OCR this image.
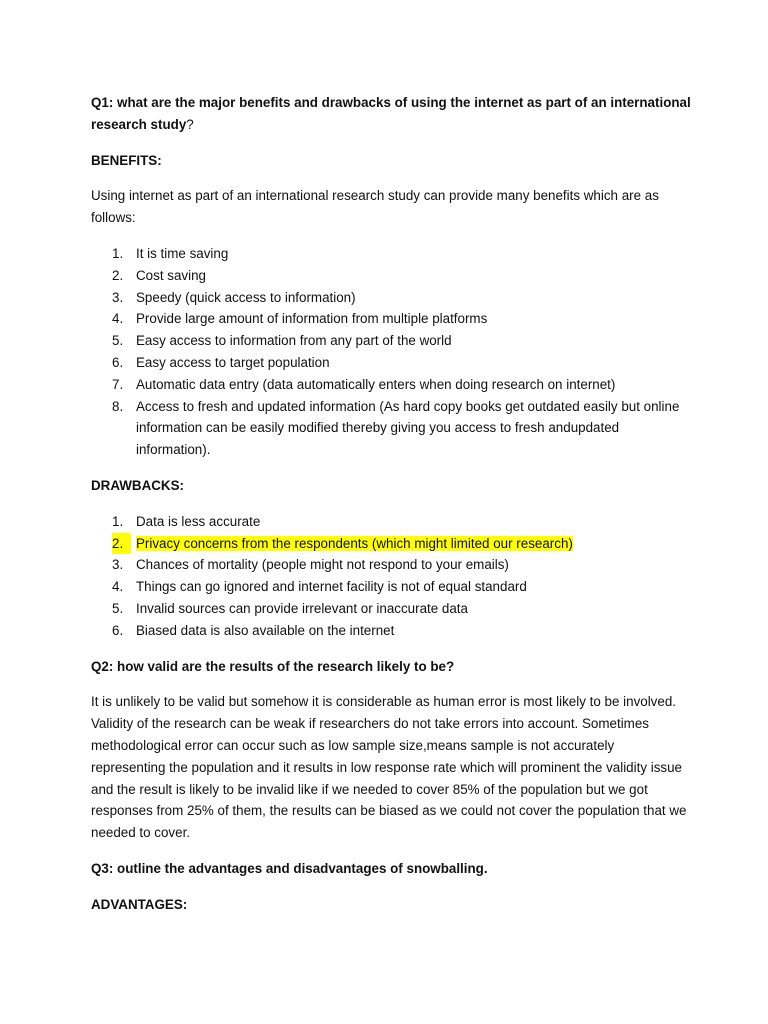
Q1: what are the major benefits and drawbacks of using the internet as part of an international research study?

BENEFITS:

Using internet as part of an international research study can provide many benefits which are as follows:

1. It is time saving
2. Cost saving
3. Speedy (quick access to information)
4. Provide large amount of information from multiple platforms
5. Easy access to information from any part of the world
6. Easy access to target population
7. Automatic data entry (data automatically enters when doing research on internet)
8. Access to fresh and updated information (As hard copy books get outdated easily but online information can be easily modified thereby giving you access to fresh andupdated information).

DRAWBACKS:

1. Data is less accurate
2. Privacy concerns from the respondents (which might limited our research)
3. Chances of mortality (people might not respond to your emails)
4. Things can go ignored and internet facility is not of equal standard
5. Invalid sources can provide irrelevant or inaccurate data
6. Biased data is also available on the internet

Q2: how valid are the results of the research likely to be?

It is unlikely to be valid but somehow it is considerable as human error is most likely to be involved. Validity of the research can be weak if researchers do not take errors into account. Sometimes methodological error can occur such as low sample size,means sample is not accurately representing the population and it results in low response rate which will prominent the validity issue and the result is likely to be invalid like if we needed to cover 85% of the population but we got responses from 25% of them, the results can be biased as we could not cover the population that we needed to cover.

Q3: outline the advantages and disadvantages of snowballing.

ADVANTAGES:
